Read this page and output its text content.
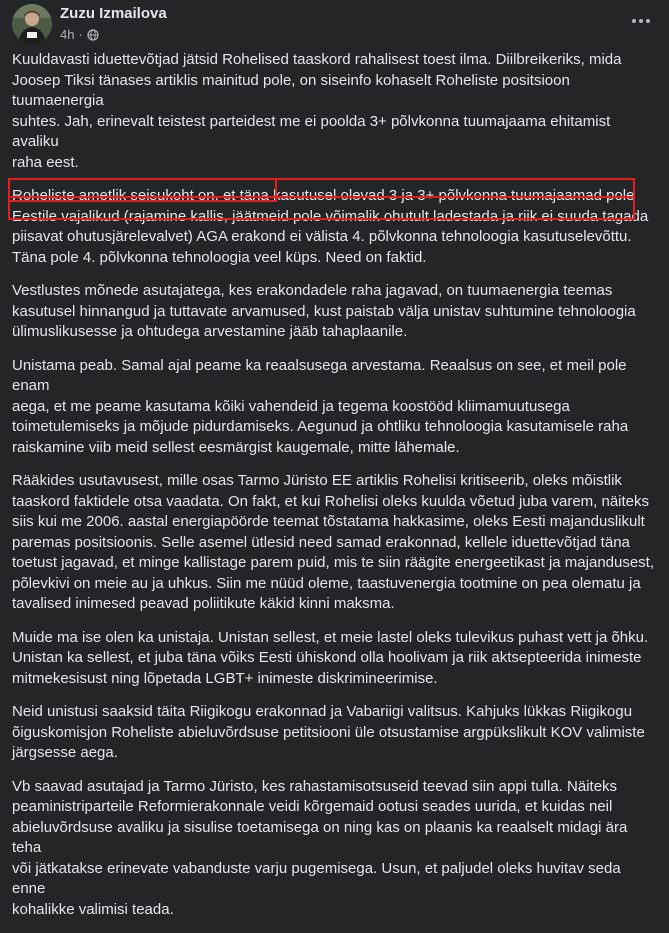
Zuzu Izmailova
4h ·

Kuuldavasti iduettevõtjad jätsid Rohelised taaskord rahalisest toest ilma. Diilbreikeriks, mida
Joosep Tiksi tänases artiklis mainitud pole, on siseinfo kohaselt Roheliste positsioon tuumaenergia
suhtes. Jah, erinevalt teistest parteidest me ei poolda 3+ põlvkonna tuumajaama ehitamist avaliku
raha eest.

Roheliste ametlik seisukoht on, et täna kasutusel olevad 3 ja 3+ põlvkonna tuumajaamad pole
Eestile vajalikud (rajamine kallis, jäätmeid pole võimalik ohutult ladestada ja riik ei suuda tagada
piisavat ohutusjärelevalvet) AGA erakond ei välista 4. põlvkonna tehnoloogia kasutuselevõttu.
Täna pole 4. põlvkonna tehnoloogia veel küps. Need on faktid.

Vestlustes mõnede asutajatega, kes erakondadele raha jagavad, on tuumaenergia teemas
kasutusel hinnangud ja tuttavate arvamused, kust paistab välja unistav suhtumine tehnoloogia
ülimuslikusesse ja ohtudega arvestamine jääb tahaplaanile.

Unistama peab. Samal ajal peame ka reaalsusega arvestama. Reaalsus on see, et meil pole enam
aega, et me peame kasutama kõiki vahendeid ja tegema koostööd kliimamuutusega
toimetulemiseks ja mõjude pidurdamiseks. Aegunud ja ohtliku tehnoloogia kasutamisele raha
raiskamine viib meid sellest eesmärgist kaugemale, mitte lähemale.

Rääkides usutavusest, mille osas Tarmo Jüristo EE artiklis Rohelisi kritiseerib, oleks mõistlik
taaskord faktidele otsa vaadata. On fakt, et kui Rohelisi oleks kuulda võetud juba varem, näiteks
siis kui me 2006. aastal energiapöörde teemat tõstatama hakkasime, oleks Eesti majanduslikult
paremas positsioonis. Selle asemel ütlesid need samad erakonnad, kellele iduettevõtjad täna
toetust jagavad, et minge kallistage parem puid, mis te siin räägite energeetikast ja majandusest,
põlevkivi on meie au ja uhkus. Siin me nüüd oleme, taastuvenergia tootmine on pea olematu ja
tavalised inimesed peavad poliitikute käkid kinni maksma.

Muide ma ise olen ka unistaja. Unistan sellest, et meie lastel oleks tulevikus puhast vett ja õhku.
Unistan ka sellest, et juba täna võiks Eesti ühiskond olla hoolivam ja riik aktsepteerida inimeste
mitmekesisust ning lõpetada LGBT+ inimeste diskrimineerimise.

Neid unistusi saaksid täita Riigikogu erakonnad ja Vabariigi valitsus. Kahjuks lükkas Riigikogu
õiguskomisjon Roheliste abieluvõrdsuse petitsiooni üle otsustamise argpükslikult KOV valimiste
järgsesse aega.

Vb saavad asutajad ja Tarmo Jüristo, kes rahastamisotsuseid teevad siin appi tulla. Näiteks
peaministriparteile Reformierakonnale veidi kõrgemaid ootusi seades uurida, et kuidas neil
abieluvõrdsuse avaliku ja sisulise toetamisega on ning kas on plaanis ka reaalselt midagi ära teha
või jätkatakse erinevate vabanduste varju pugemisega. Usun, et paljudel oleks huvitav seda enne
kohalikke valimisi teada.
